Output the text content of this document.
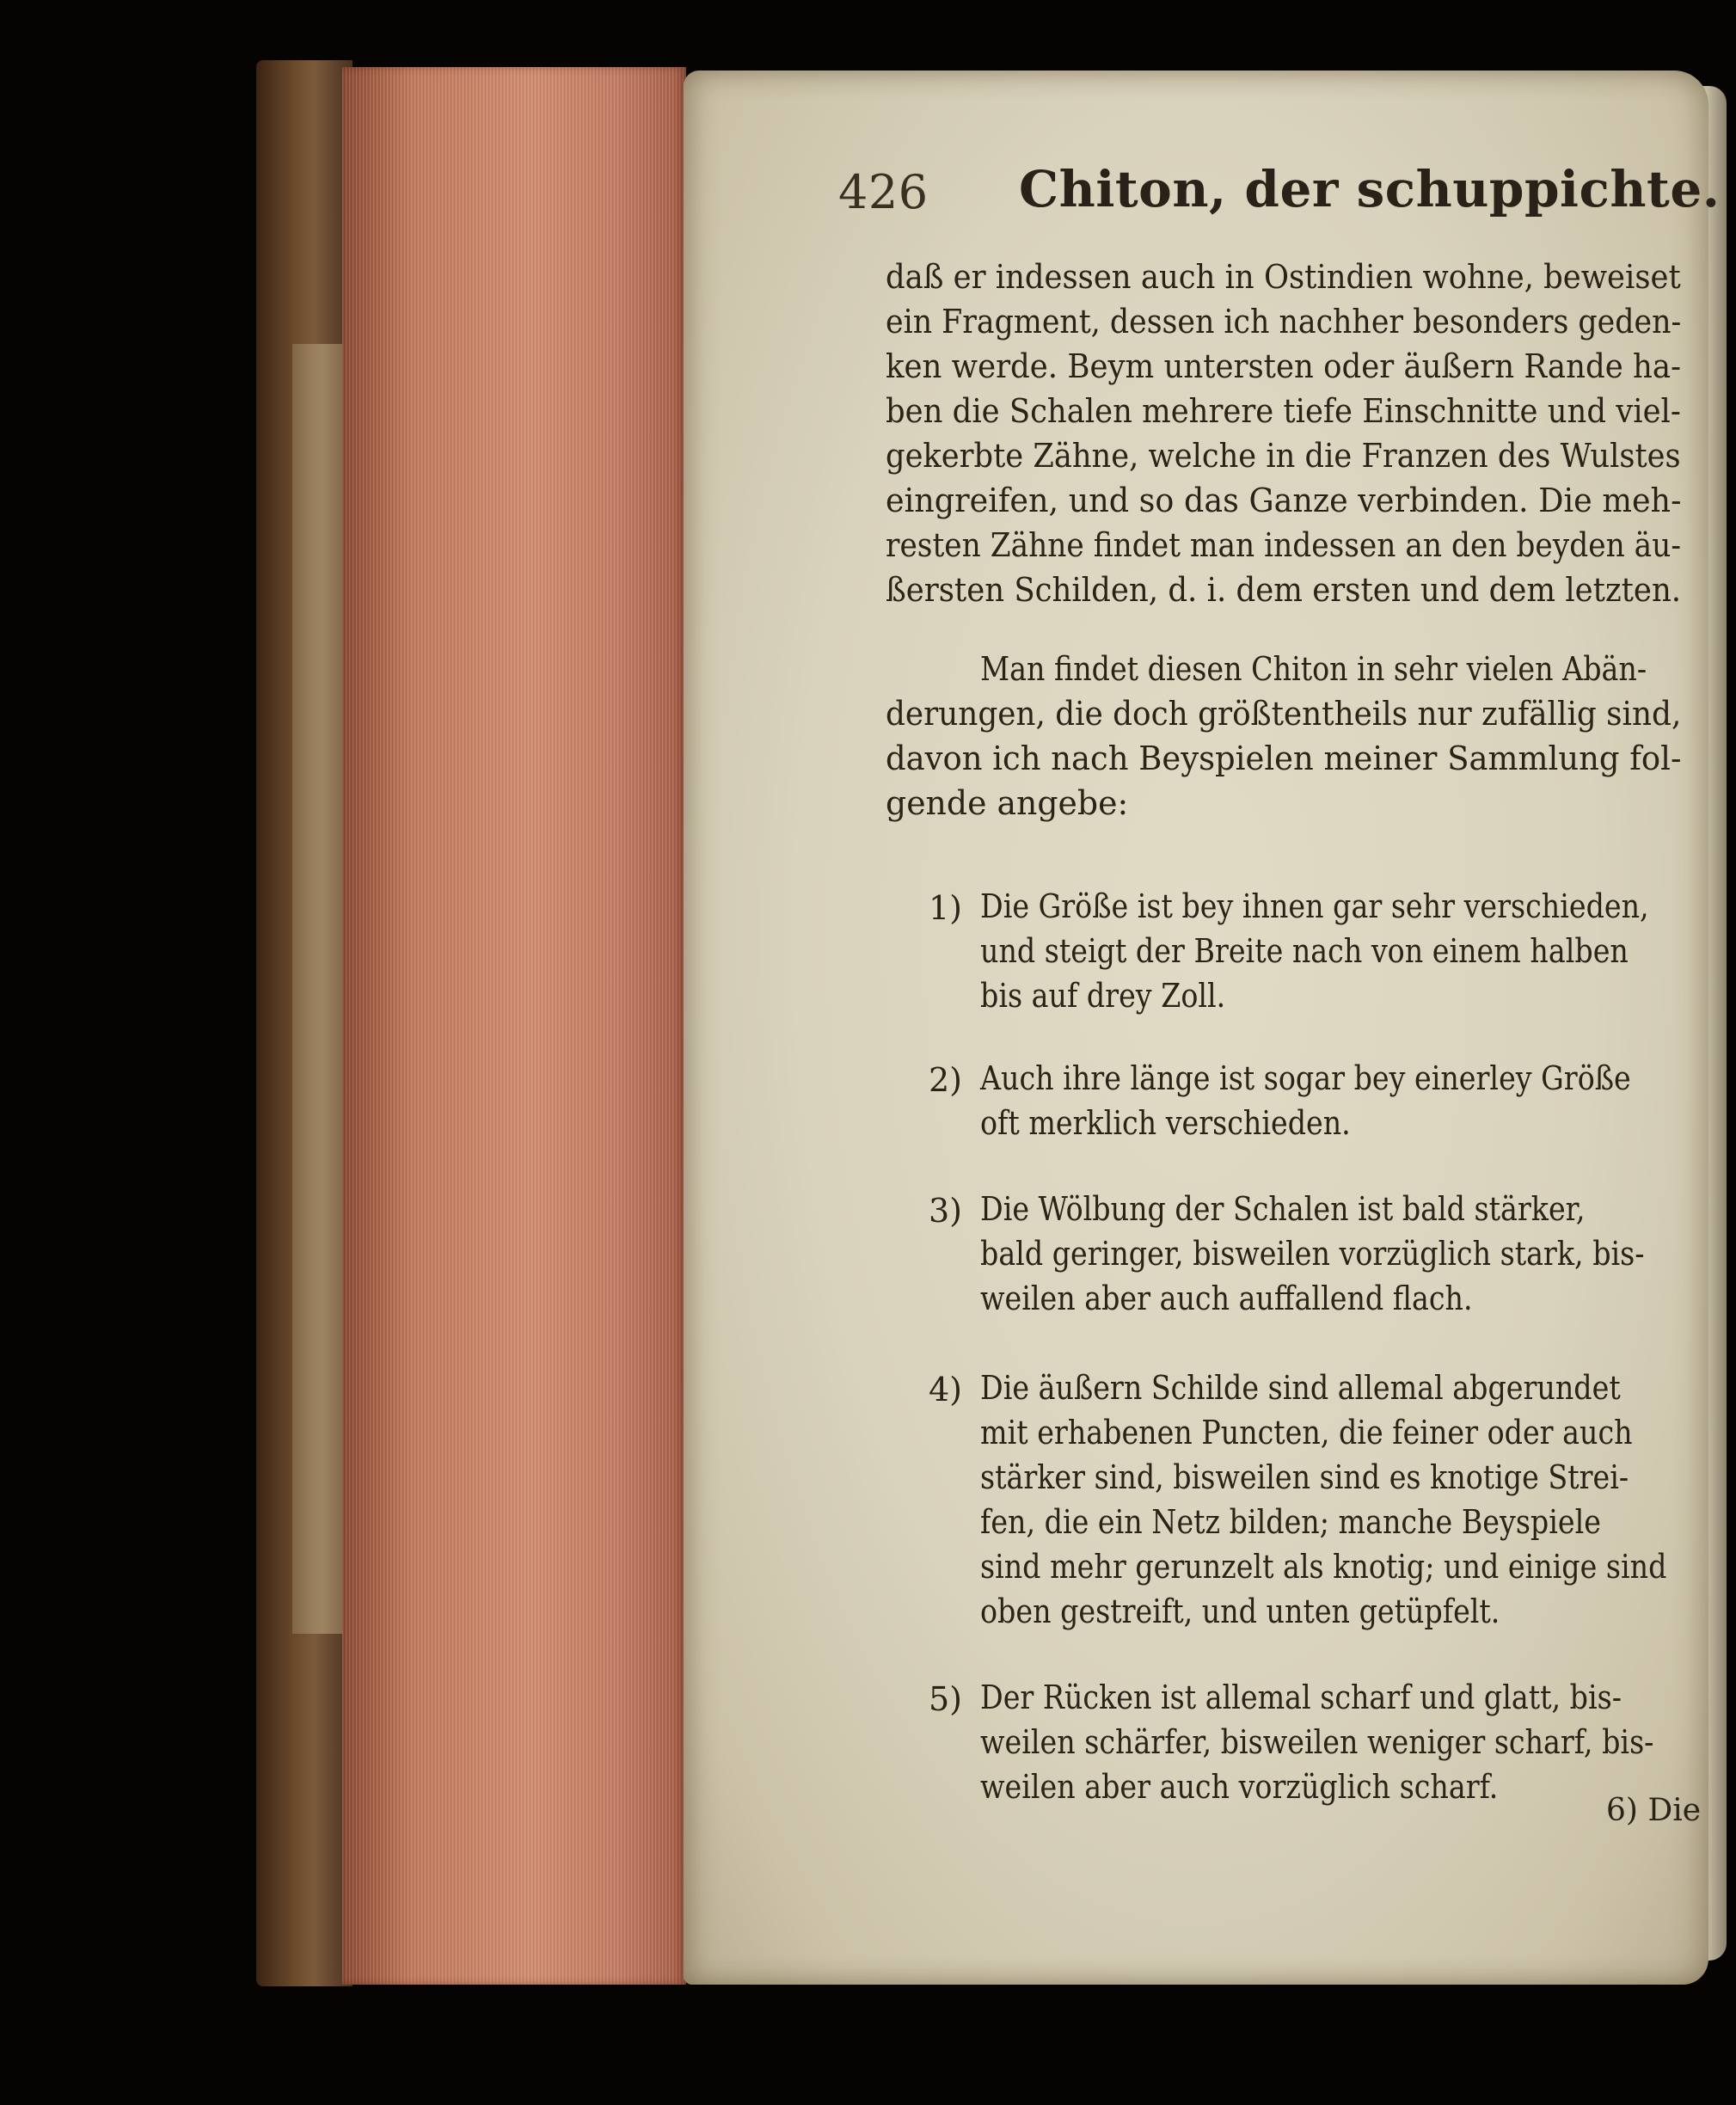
426 Chiton, der schuppichte.
daß er indessen auch in Ostindien wohne, beweiset
ein Fragment, dessen ich nachher besonders geden-
ken werde. Beym untersten oder äußern Rande ha-
ben die Schalen mehrere tiefe Einschnitte und viel-
gekerbte Zähne, welche in die Franzen des Wulstes
eingreifen, und so das Ganze verbinden. Die meh-
resten Zähne findet man indessen an den beyden äu-
ßersten Schilden, d. i. dem ersten und dem letzten.
Man findet diesen Chiton in sehr vielen Abän-
derungen, die doch größtentheils nur zufällig sind,
davon ich nach Beyspielen meiner Sammlung fol-
gende angebe:
1) Die Größe ist bey ihnen gar sehr verschieden,
und steigt der Breite nach von einem halben
bis auf drey Zoll.
2) Auch ihre länge ist sogar bey einerley Größe
oft merklich verschieden.
3) Die Wölbung der Schalen ist bald stärker,
bald geringer, bisweilen vorzüglich stark, bis-
weilen aber auch auffallend flach.
4) Die äußern Schilde sind allemal abgerundet
mit erhabenen Puncten, die feiner oder auch
stärker sind, bisweilen sind es knotige Strei-
fen, die ein Netz bilden; manche Beyspiele
sind mehr gerunzelt als knotig; und einige sind
oben gestreift, und unten getüpfelt.
5) Der Rücken ist allemal scharf und glatt, bis-
weilen schärfer, bisweilen weniger scharf, bis-
weilen aber auch vorzüglich scharf.
6) Die
